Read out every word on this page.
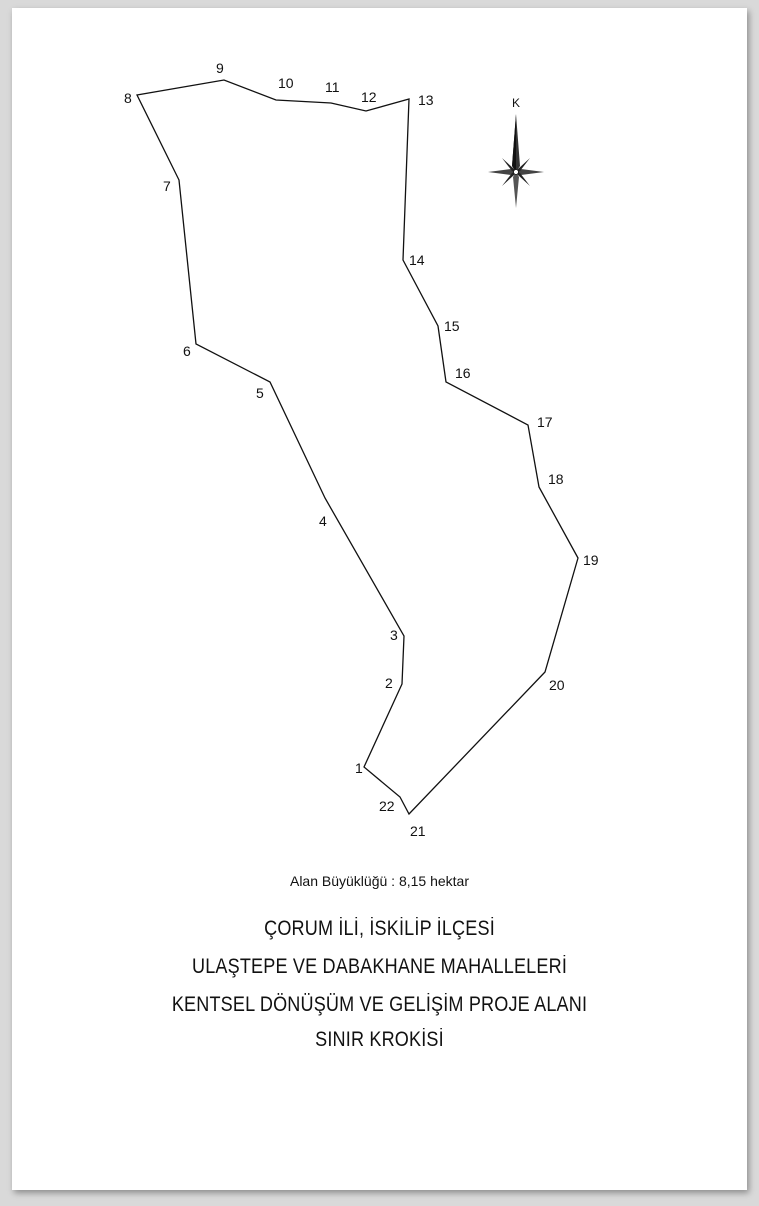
1
2
3
4
5
6
7
8
9
10 11
12	13
14
15
16
17
18
19
20
21
22
K
Alan Büyüklüğü : 8,15 hektar
ÇORUM İLİ, İSKİLİP İLÇESİ
ULAŞTEPE VE DABAKHANE MAHALLELERİ
KENTSEL DÖNÜŞÜM VE GELİŞİM PROJE ALANI
SINIR KROKİSİ
